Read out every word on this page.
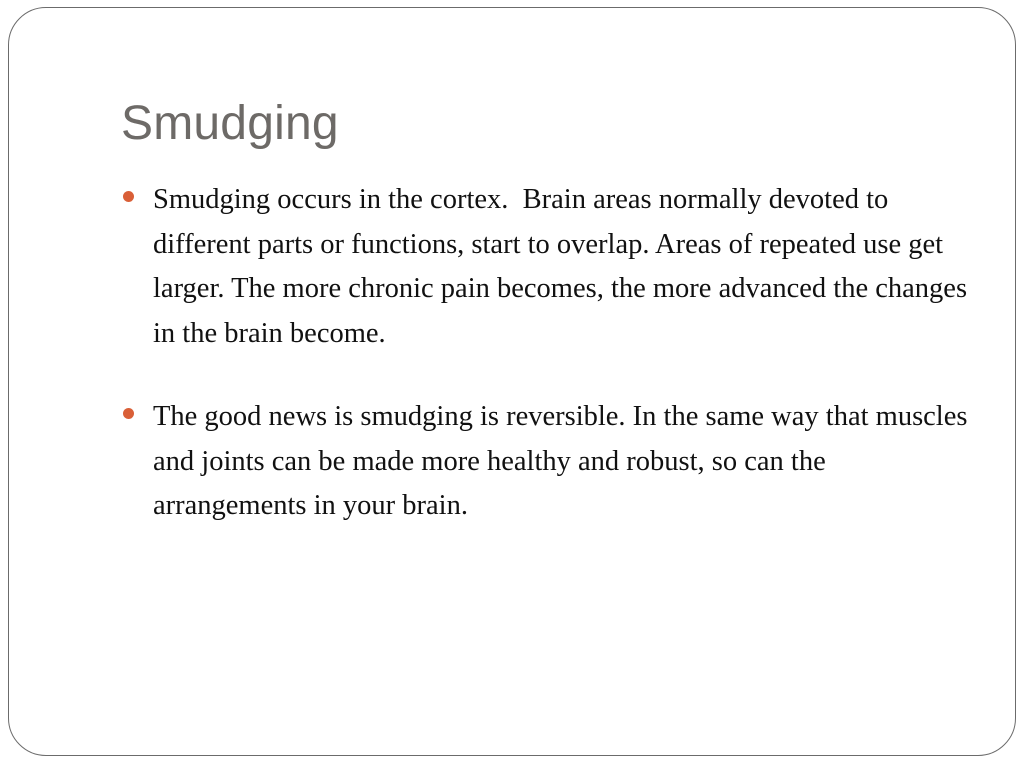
Smudging
Smudging occurs in the cortex.  Brain areas normally devoted to different parts or functions, start to overlap. Areas of repeated use get larger. The more chronic pain becomes, the more advanced the changes in the brain become.
The good news is smudging is reversible. In the same way that muscles and joints can be made more healthy and robust, so can the arrangements in your brain.
